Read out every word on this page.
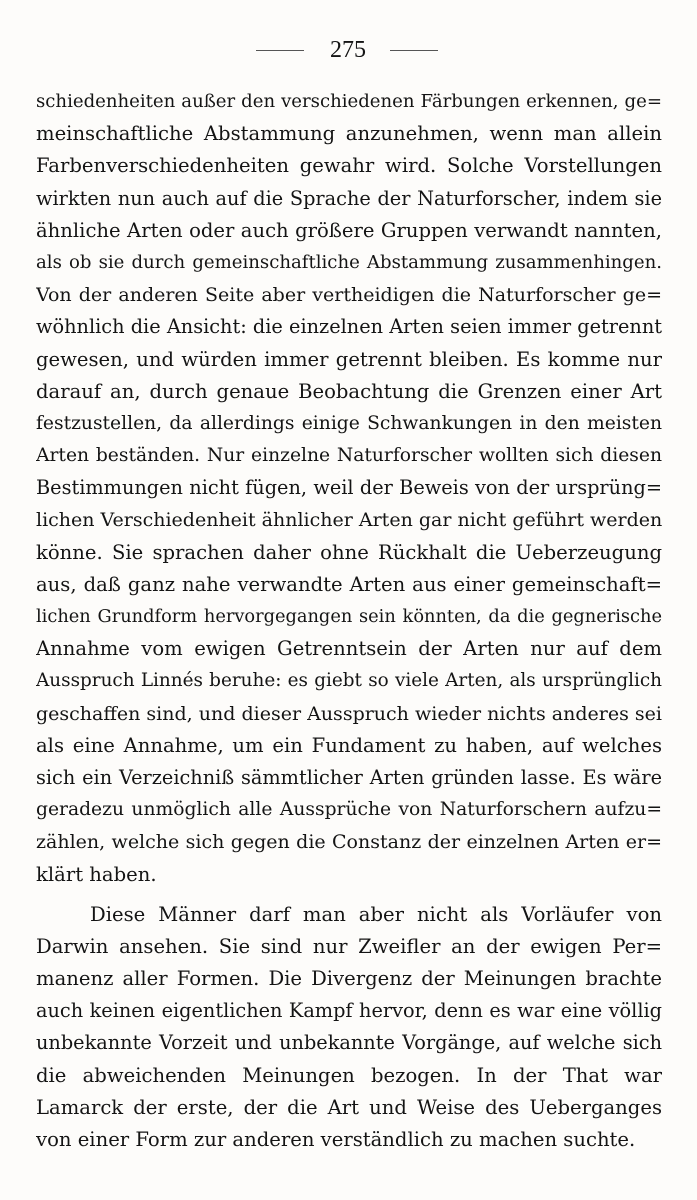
275
schiedenheiten außer den verschiedenen Färbungen erkennen, ge=
meinschaftliche Abstammung anzunehmen, wenn man allein
Farbenverschiedenheiten gewahr wird. Solche Vorstellungen
wirkten nun auch auf die Sprache der Naturforscher, indem sie
ähnliche Arten oder auch größere Gruppen verwandt nannten,
als ob sie durch gemeinschaftliche Abstammung zusammenhingen.
Von der anderen Seite aber vertheidigen die Naturforscher ge=
wöhnlich die Ansicht: die einzelnen Arten seien immer getrennt
gewesen, und würden immer getrennt bleiben. Es komme nur
darauf an, durch genaue Beobachtung die Grenzen einer Art
festzustellen, da allerdings einige Schwankungen in den meisten
Arten beständen. Nur einzelne Naturforscher wollten sich diesen
Bestimmungen nicht fügen, weil der Beweis von der ursprüng=
lichen Verschiedenheit ähnlicher Arten gar nicht geführt werden
könne. Sie sprachen daher ohne Rückhalt die Ueberzeugung
aus, daß ganz nahe verwandte Arten aus einer gemeinschaft=
lichen Grundform hervorgegangen sein könnten, da die gegnerische
Annahme vom ewigen Getrenntsein der Arten nur auf dem
Ausspruch Linnés beruhe: es giebt so viele Arten, als ursprünglich
geschaffen sind, und dieser Ausspruch wieder nichts anderes sei
als eine Annahme, um ein Fundament zu haben, auf welches
sich ein Verzeichniß sämmtlicher Arten gründen lasse. Es wäre
geradezu unmöglich alle Aussprüche von Naturforschern aufzu=
zählen, welche sich gegen die Constanz der einzelnen Arten er=
klärt haben.
Diese Männer darf man aber nicht als Vorläufer von
Darwin ansehen. Sie sind nur Zweifler an der ewigen Per=
manenz aller Formen. Die Divergenz der Meinungen brachte
auch keinen eigentlichen Kampf hervor, denn es war eine völlig
unbekannte Vorzeit und unbekannte Vorgänge, auf welche sich
die abweichenden Meinungen bezogen. In der That war
Lamarck der erste, der die Art und Weise des Ueberganges
von einer Form zur anderen verständlich zu machen suchte.
